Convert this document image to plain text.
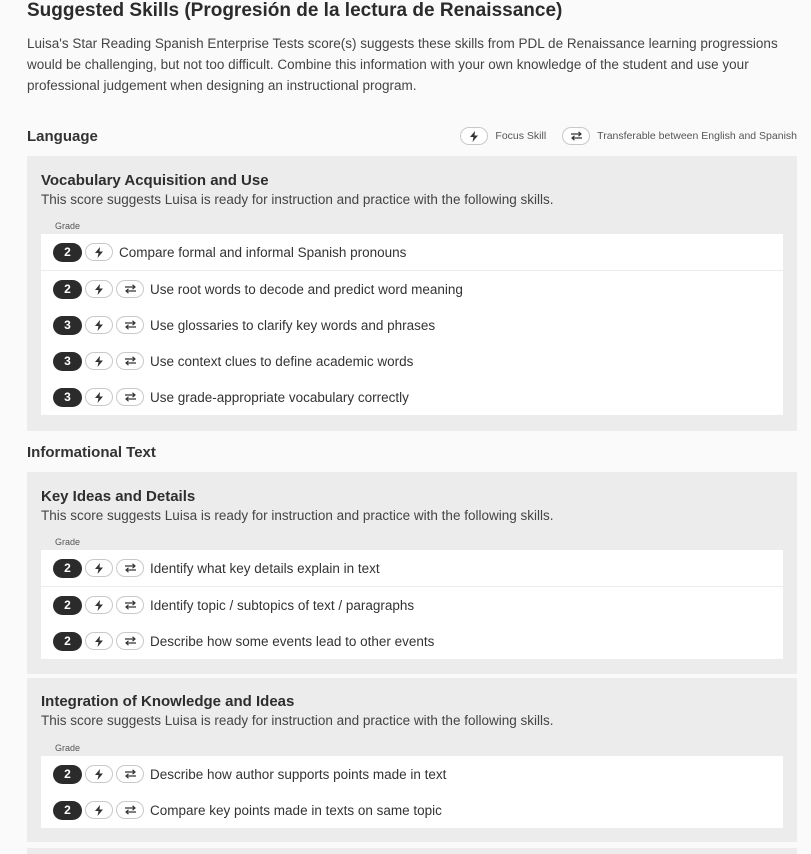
Suggested Skills (Progresión de la lectura de Renaissance)
Luisa's Star Reading Spanish Enterprise Tests score(s) suggests these skills from PDL de Renaissance learning progressions would be challenging, but not too difficult. Combine this information with your own knowledge of the student and use your professional judgement when designing an instructional program.
Language	Focus Skill	Transferable between English and Spanish
Vocabulary Acquisition and Use
This score suggests Luisa is ready for instruction and practice with the following skills.
Grade
2	Compare formal and informal Spanish pronouns
2	Use root words to decode and predict word meaning
3	Use glossaries to clarify key words and phrases
3	Use context clues to define academic words
3	Use grade-appropriate vocabulary correctly
Informational Text
Key Ideas and Details
This score suggests Luisa is ready for instruction and practice with the following skills.
Grade
2	Identify what key details explain in text
2	Identify topic / subtopics of text / paragraphs
2	Describe how some events lead to other events
Integration of Knowledge and Ideas
This score suggests Luisa is ready for instruction and practice with the following skills.
Grade
2	Describe how author supports points made in text
2	Compare key points made in texts on same topic
